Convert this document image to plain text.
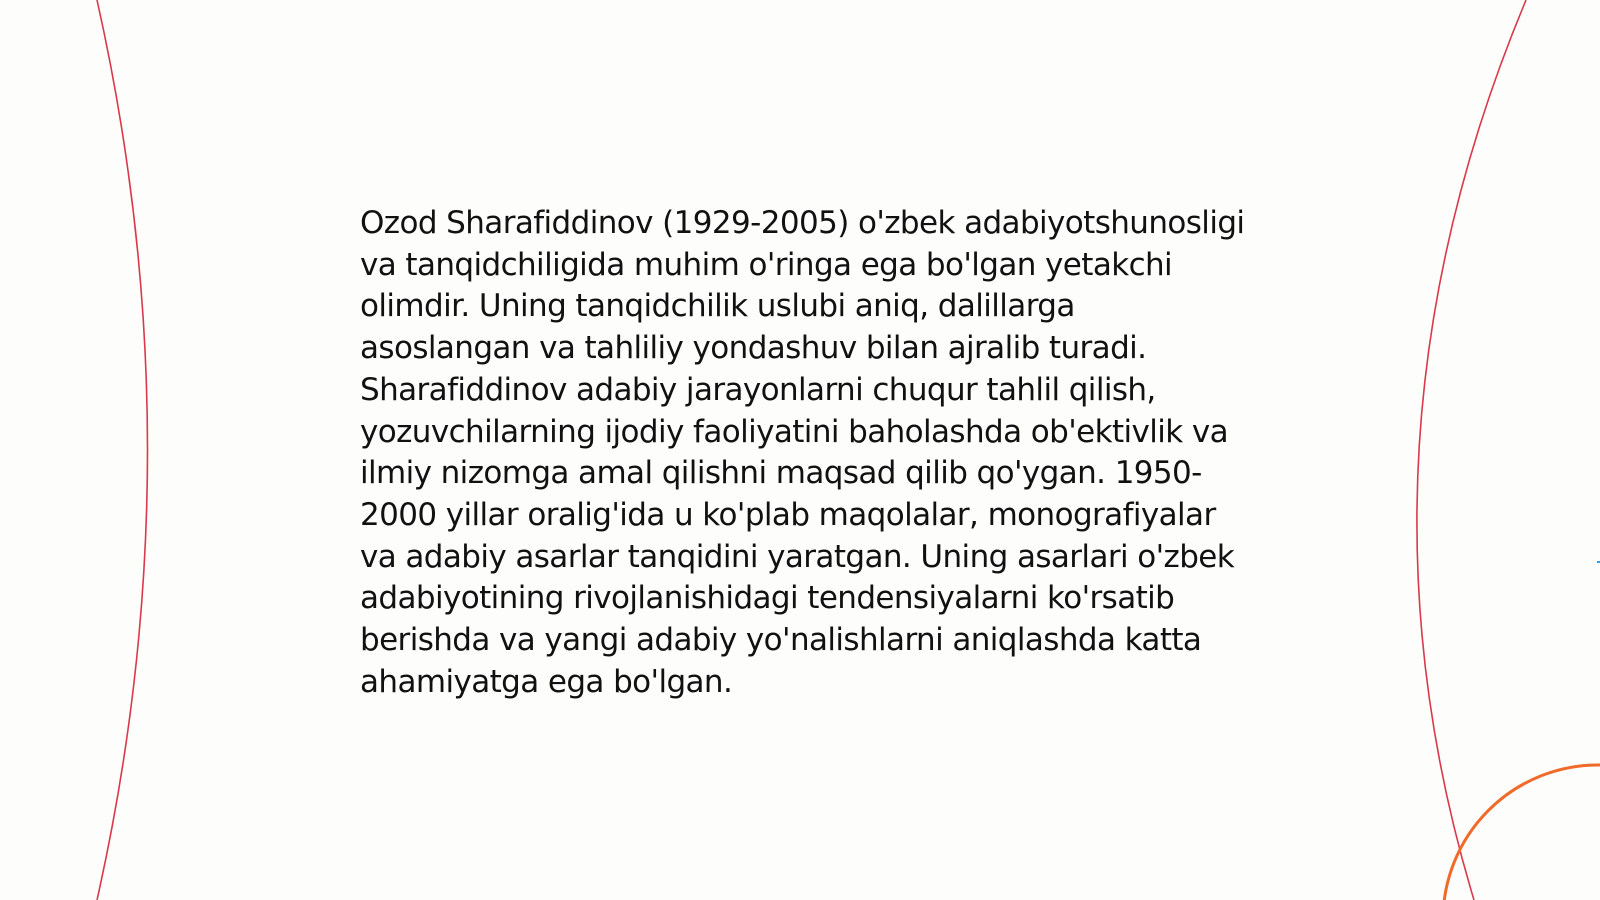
Ozod Sharafiddinov (1929-2005) o'zbek adabiyotshunosligi va tanqidchiligida muhim o'ringa ega bo'lgan yetakchi olimdir. Uning tanqidchilik uslubi aniq, dalillarga asoslangan va tahliliy yondashuv bilan ajralib turadi. Sharafiddinov adabiy jarayonlarni chuqur tahlil qilish, yozuvchilarning ijodiy faoliyatini baholashda ob'ektivlik va ilmiy nizomga amal qilishni maqsad qilib qo'ygan. 1950-2000 yillar oralig'ida u ko'plab maqolalar, monografiyalar va adabiy asarlar tanqidini yaratgan. Uning asarlari o'zbek adabiyotining rivojlanishidagi tendensiyalarni ko'rsatib berishda va yangi adabiy yo'nalishlarni aniqlashda katta ahamiyatga ega bo'lgan.
